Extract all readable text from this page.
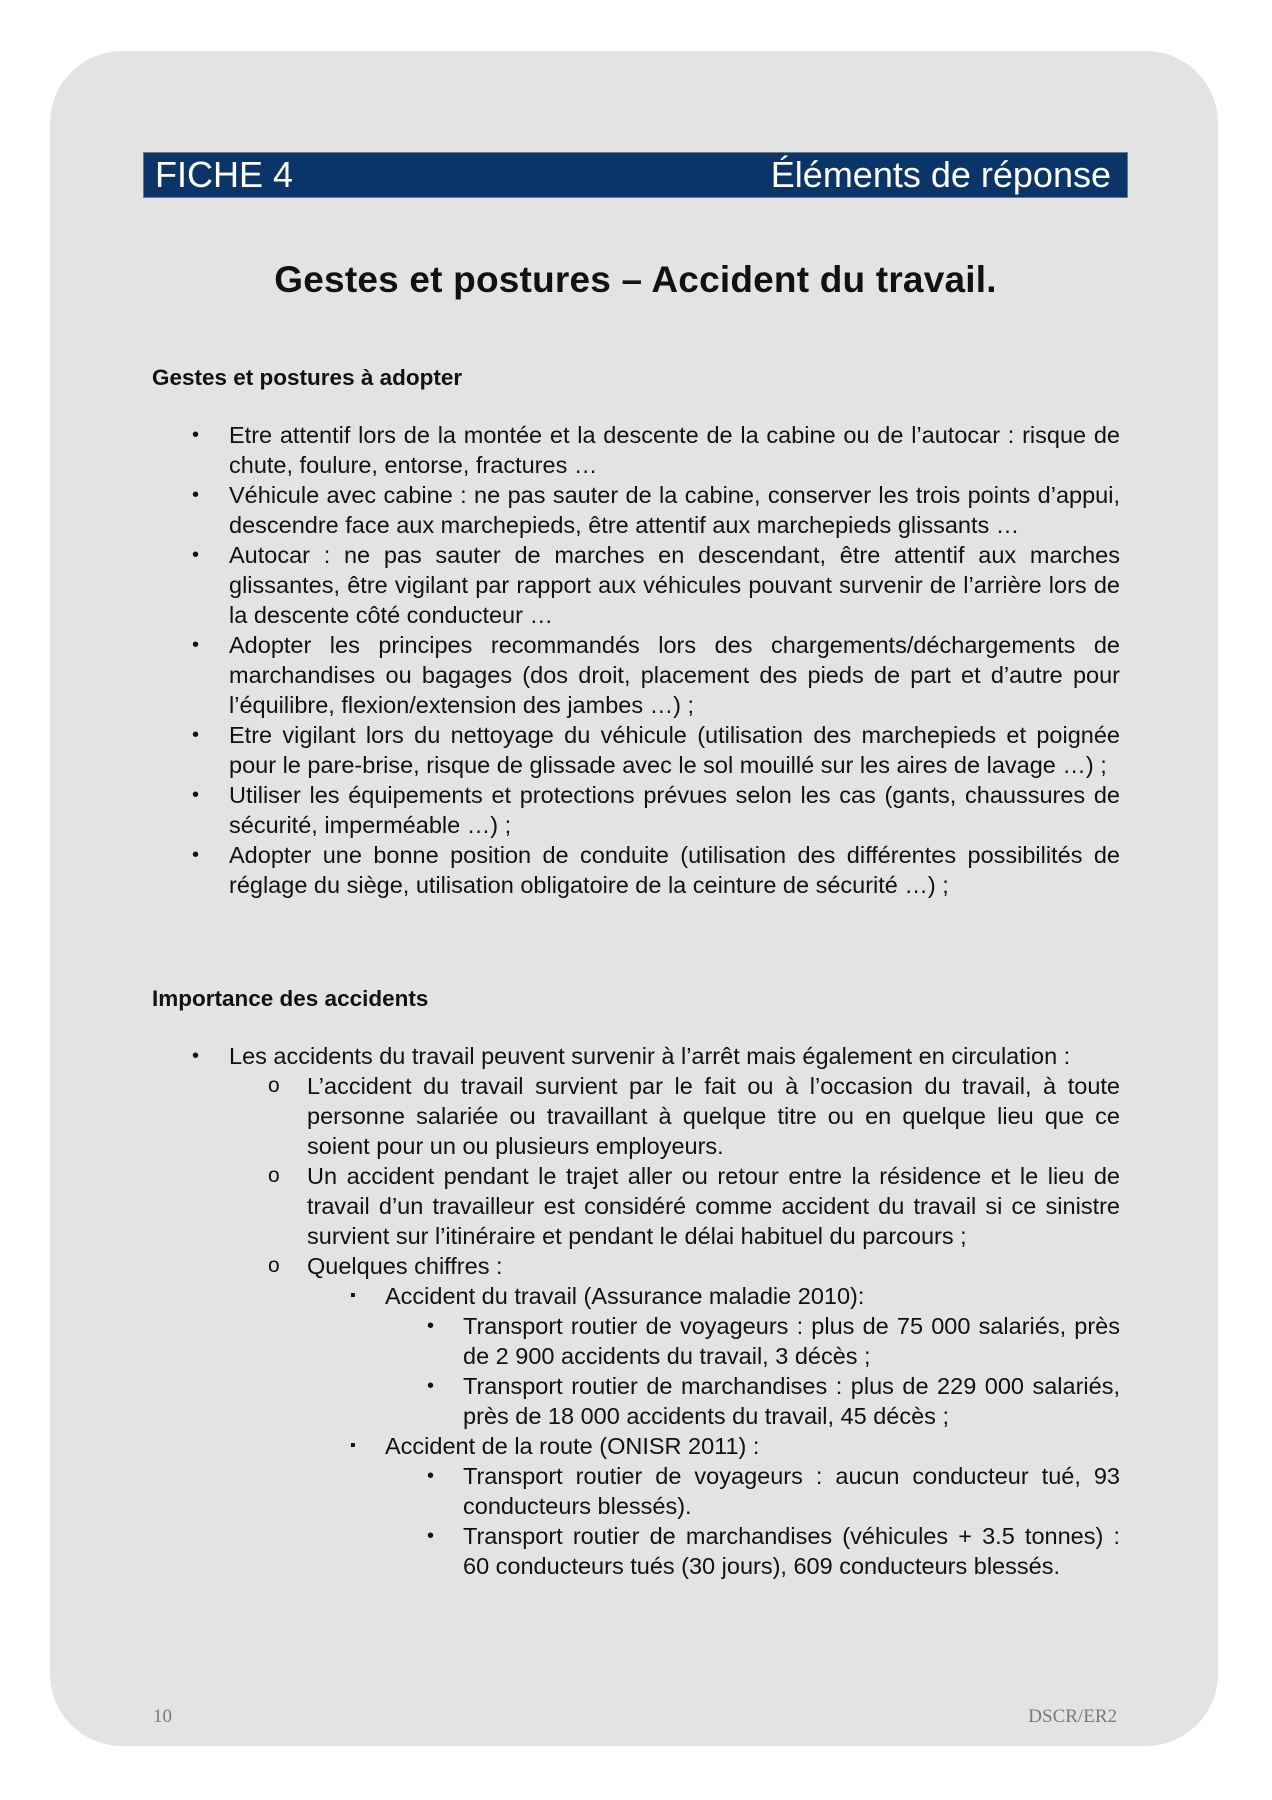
FICHE 4	Éléments de réponse
Gestes et postures – Accident du travail.
Gestes et postures à adopter
• Etre attentif lors de la montée et la descente de la cabine ou de l’autocar : risque de chute, foulure, entorse, fractures …
• Véhicule avec cabine : ne pas sauter de la cabine, conserver les trois points d’appui, descendre face aux marchepieds, être attentif aux marchepieds glissants …
• Autocar : ne pas sauter de marches en descendant, être attentif aux marches glissantes, être vigilant par rapport aux véhicules pouvant survenir de l’arrière lors de la descente côté conducteur …
• Adopter les principes recommandés lors des chargements/déchargements de marchandises ou bagages (dos droit, placement des pieds de part et d’autre pour l’équilibre, flexion/extension des jambes …) ;
• Etre vigilant lors du nettoyage du véhicule (utilisation des marchepieds et poignée pour le pare-brise, risque de glissade avec le sol mouillé sur les aires de lavage …) ;
• Utiliser les équipements et protections prévues selon les cas (gants, chaussures de sécurité, imperméable …) ;
• Adopter une bonne position de conduite (utilisation des différentes possibilités de réglage du siège, utilisation obligatoire de la ceinture de sécurité …) ;
Importance des accidents
• Les accidents du travail peuvent survenir à l’arrêt mais également en circulation :
o L’accident du travail survient par le fait ou à l’occasion du travail, à toute personne salariée ou travaillant à quelque titre ou en quelque lieu que ce soient pour un ou plusieurs employeurs.
o Un accident pendant le trajet aller ou retour entre la résidence et le lieu de travail d’un travailleur est considéré comme accident du travail si ce sinistre survient sur l’itinéraire et pendant le délai habituel du parcours ;
o Quelques chiffres :
▪ Accident du travail (Assurance maladie 2010):
• Transport routier de voyageurs : plus de 75 000 salariés, près de 2 900 accidents du travail, 3 décès ;
• Transport routier de marchandises : plus de 229 000 salariés, près de 18 000 accidents du travail, 45 décès ;
▪ Accident de la route (ONISR 2011) :
• Transport routier de voyageurs : aucun conducteur tué, 93 conducteurs blessés).
• Transport routier de marchandises (véhicules + 3.5 tonnes) : 60 conducteurs tués (30 jours), 609 conducteurs blessés.
10	DSCR/ER2
